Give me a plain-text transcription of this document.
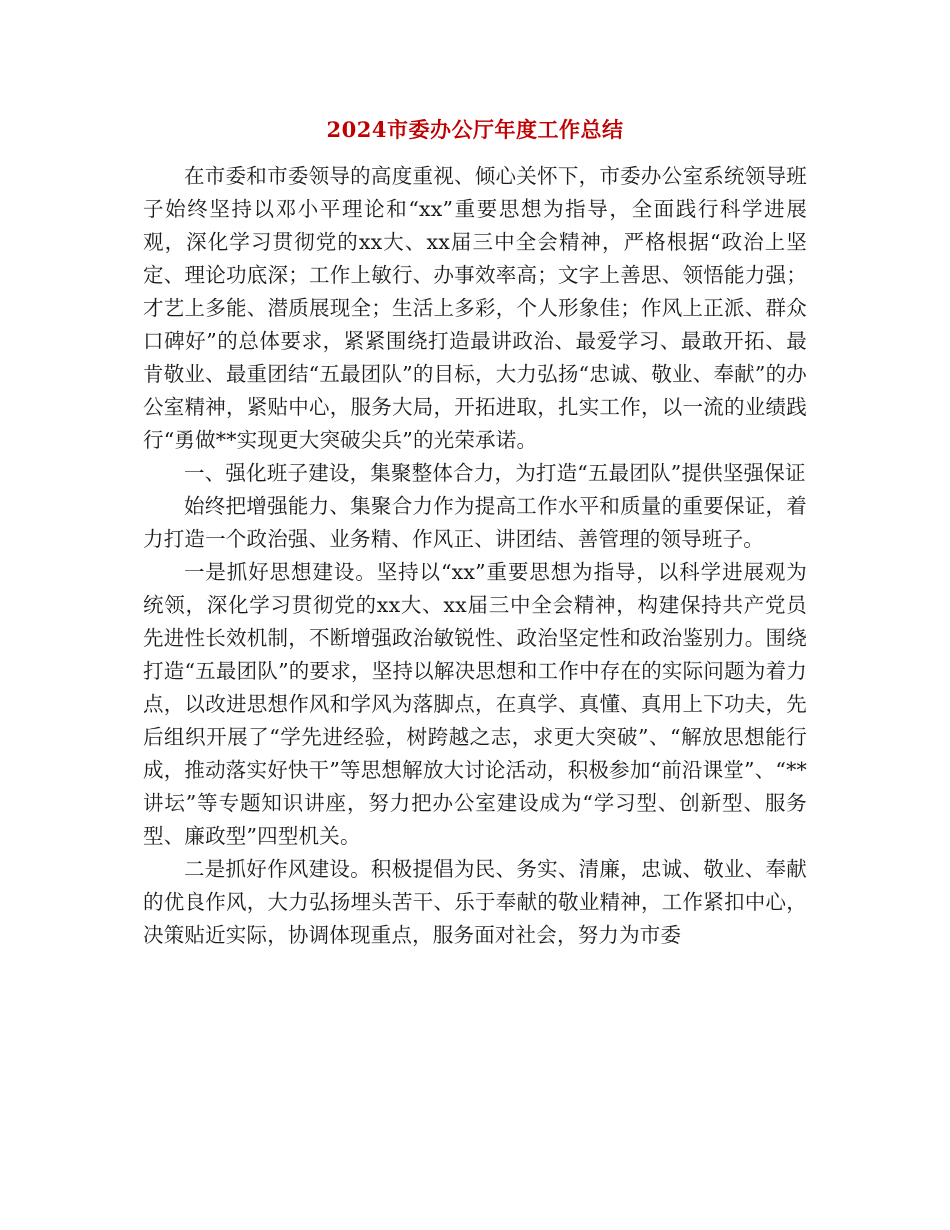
2024市委办公厅年度工作总结

在市委和市委领导的高度重视、倾心关怀下，市委办公室系统领导班子始终坚持以邓小平理论和“xx”重要思想为指导，全面践行科学进展观，深化学习贯彻党的xx大、xx届三中全会精神，严格根据“政治上坚定、理论功底深；工作上敏行、办事效率高；文字上善思、领悟能力强；才艺上多能、潜质展现全；生活上多彩，个人形象佳；作风上正派、群众口碑好”的总体要求，紧紧围绕打造最讲政治、最爱学习、最敢开拓、最肯敬业、最重团结“五最团队”的目标，大力弘扬“忠诚、敬业、奉献”的办公室精神，紧贴中心，服务大局，开拓进取，扎实工作，以一流的业绩践行“勇做**实现更大突破尖兵”的光荣承诺。

一、强化班子建设，集聚整体合力，为打造“五最团队”提供坚强保证

始终把增强能力、集聚合力作为提高工作水平和质量的重要保证，着力打造一个政治强、业务精、作风正、讲团结、善管理的领导班子。

一是抓好思想建设。坚持以“xx”重要思想为指导，以科学进展观为统领，深化学习贯彻党的xx大、xx届三中全会精神，构建保持共产党员先进性长效机制，不断增强政治敏锐性、政治坚定性和政治鉴别力。围绕打造“五最团队”的要求，坚持以解决思想和工作中存在的实际问题为着力点，以改进思想作风和学风为落脚点，在真学、真懂、真用上下功夫，先后组织开展了“学先进经验，树跨越之志，求更大突破”、“解放思想能行成，推动落实好快干”等思想解放大讨论活动，积极参加“前沿课堂”、“**讲坛”等专题知识讲座，努力把办公室建设成为“学习型、创新型、服务型、廉政型”四型机关。

二是抓好作风建设。积极提倡为民、务实、清廉，忠诚、敬业、奉献的优良作风，大力弘扬埋头苦干、乐于奉献的敬业精神，工作紧扣中心，决策贴近实际，协调体现重点，服务面对社会，努力为市委
